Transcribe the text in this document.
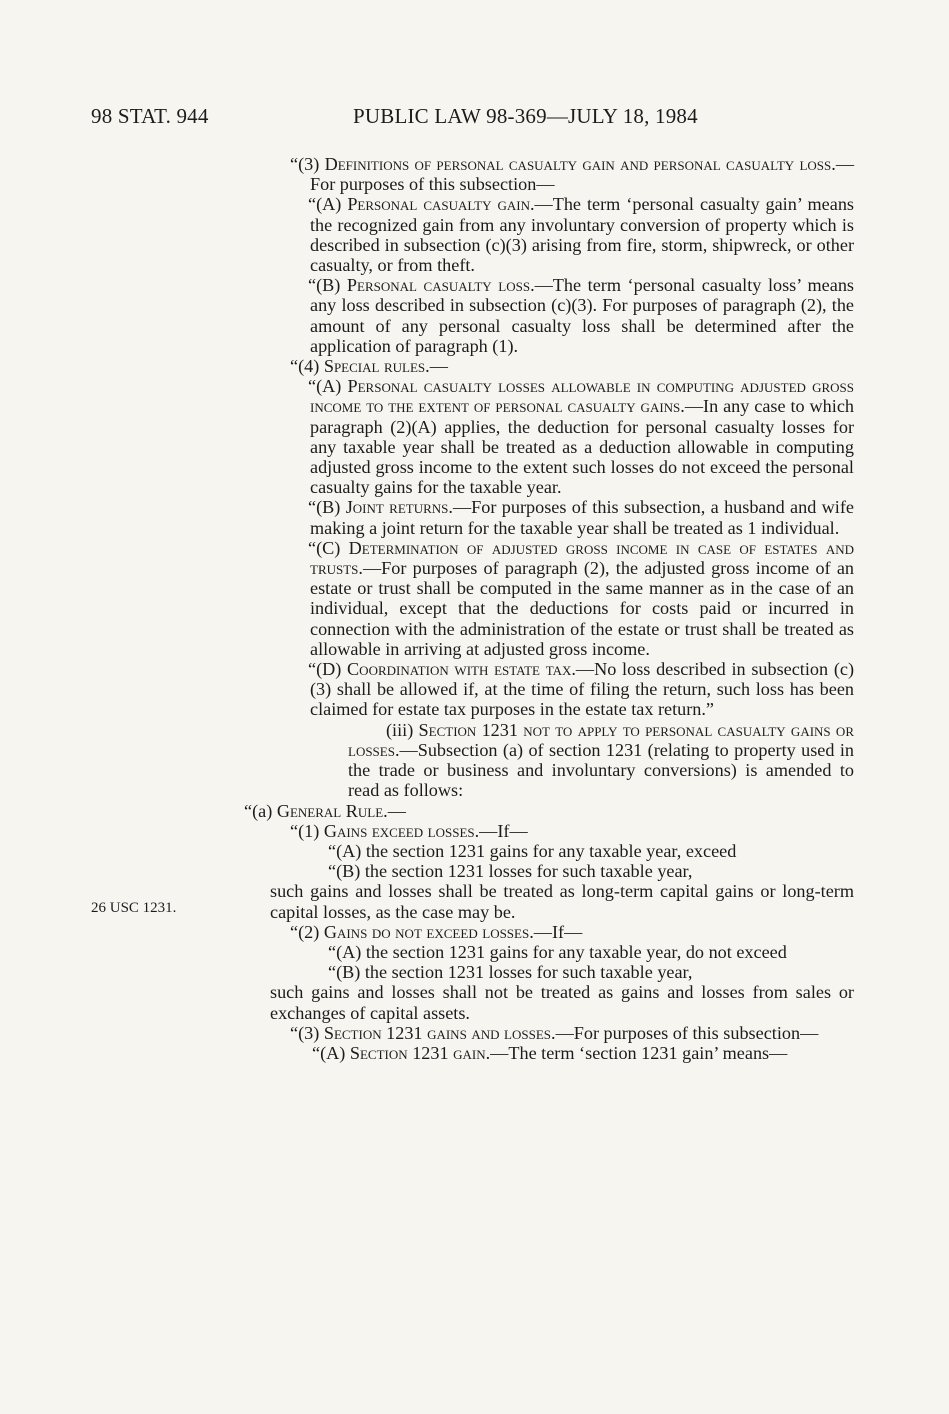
98 STAT. 944	PUBLIC LAW 98-369—JULY 18, 1984
26 USC 1231.

“(3) Definitions of personal casualty gain and personal casualty loss.—For purposes of this subsection—

“(A) Personal casualty gain.—The term ‘personal casualty gain’ means the recognized gain from any involuntary conversion of property which is described in subsection (c)(3) arising from fire, storm, shipwreck, or other casualty, or from theft.

“(B) Personal casualty loss.—The term ‘personal casualty loss’ means any loss described in subsection (c)(3). For purposes of paragraph (2), the amount of any personal casualty loss shall be determined after the application of paragraph (1).

“(4) Special rules.—

“(A) Personal casualty losses allowable in computing adjusted gross income to the extent of personal casualty gains.—In any case to which paragraph (2)(A) applies, the deduction for personal casualty losses for any taxable year shall be treated as a deduction allowable in computing adjusted gross income to the extent such losses do not exceed the personal casualty gains for the taxable year.

“(B) Joint returns.—For purposes of this subsection, a husband and wife making a joint return for the taxable year shall be treated as 1 individual.

“(C) Determination of adjusted gross income in case of estates and trusts.—For purposes of paragraph (2), the adjusted gross income of an estate or trust shall be computed in the same manner as in the case of an individual, except that the deductions for costs paid or incurred in connection with the administration of the estate or trust shall be treated as allowable in arriving at adjusted gross income.

“(D) Coordination with estate tax.—No loss described in subsection (c)(3) shall be allowed if, at the time of filing the return, such loss has been claimed for estate tax purposes in the estate tax return.”

(iii) Section 1231 not to apply to personal casualty gains or losses.—Subsection (a) of section 1231 (relating to property used in the trade or business and involuntary conversions) is amended to read as follows:

“(a) General Rule.—

“(1) Gains exceed losses.—If—

“(A) the section 1231 gains for any taxable year, exceed

“(B) the section 1231 losses for such taxable year,

such gains and losses shall be treated as long-term capital gains or long-term capital losses, as the case may be.

“(2) Gains do not exceed losses.—If—

“(A) the section 1231 gains for any taxable year, do not exceed

“(B) the section 1231 losses for such taxable year,

such gains and losses shall not be treated as gains and losses from sales or exchanges of capital assets.

“(3) Section 1231 gains and losses.—For purposes of this subsection—

“(A) Section 1231 gain.—The term ‘section 1231 gain’ means—
